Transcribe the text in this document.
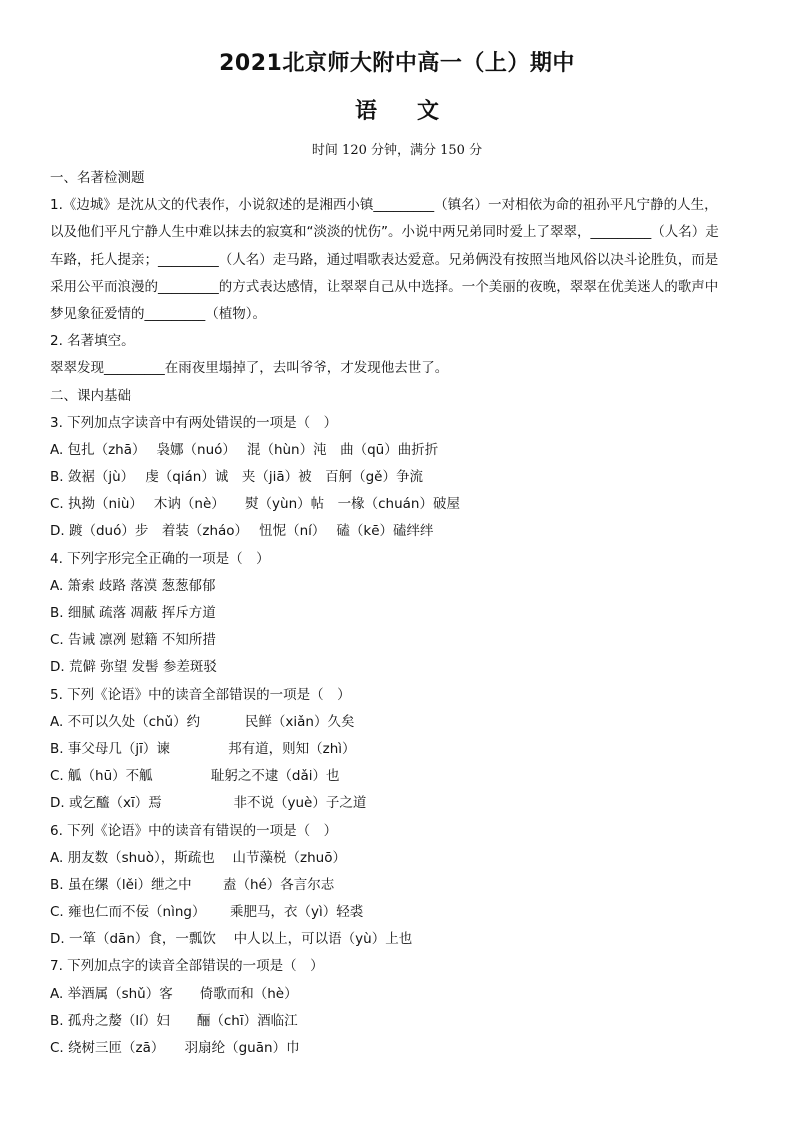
2021北京师大附中高一（上）期中
语文
时间 120 分钟，满分 150 分
一、名著检测题
1.《边城》是沈从文的代表作，小说叙述的是湘西小镇_________（镇名）一对相依为命的祖孙平凡宁静的人生，
以及他们平凡宁静人生中难以抹去的寂寞和“淡淡的忧伤”。小说中两兄弟同时爱上了翠翠，_________（人名）走
车路，托人提亲；_________（人名）走马路，通过唱歌表达爱意。兄弟俩没有按照当地风俗以决斗论胜负，而是
采用公平而浪漫的_________的方式表达感情，让翠翠自己从中选择。一个美丽的夜晚，翠翠在优美迷人的歌声中
梦见象征爱情的_________（植物）。
2. 名著填空。
翠翠发现_________在雨夜里塌掉了，去叫爷爷，才发现他去世了。
二、课内基础
3. 下列加点字读音中有两处错误的一项是（　）
A. 包扎（zhā）　 袅娜（nuó）　 混（hùn）沌　曲（qū）曲折折
B. 敛裾（jù）　 虔（qián）诚　夹（jiā）被　百舸（gě）争流
C. 执拗（niù）　 木讷（nè）　　熨（yùn）帖　一椽（chuán）破屋
D. 踱（duó）步　着装（zháo）　 忸怩（ní）　 磕（kē）磕绊绊
4. 下列字形完全正确的一项是（　）
A. 箫索 歧路 落漠 葱葱郁郁
B. 细腻 疏落 凋蔽 挥斥方道
C. 告诫 凛冽 慰籍 不知所措
D. 荒僻 弥望 发髻 参差斑驳
5. 下列《论语》中的读音全部错误的一项是（　）
A. 不可以久处（chǔ）约　　　 民鲜（xiǎn）久矣
B. 事父母几（jī）谏　　　　 邦有道，则知（zhì）
C. 觚（hū）不觚　　　　 耻躬之不逮（dǎi）也
D. 或乞醯（xī）焉　　　　　 非不说（yuè）子之道
6. 下列《论语》中的读音有错误的一项是（　）
A. 朋友数（shuò），斯疏也　 山节藻棁（zhuō）
B. 虽在缧（lěi）绁之中　　 盍（hé）各言尔志
C. 雍也仁而不佞（nìng）　　 乘肥马，衣（yì）轻裘
D. 一箪（dān）食，一瓢饮　 中人以上，可以语（yù）上也
7. 下列加点字的读音全部错误的一项是（　）
A. 举酒属（shǔ）客　　倚歌而和（hè）
B. 孤舟之嫠（lí）妇　　酾（chī）酒临江
C. 绕树三匝（zā）　　羽扇纶（guān）巾
